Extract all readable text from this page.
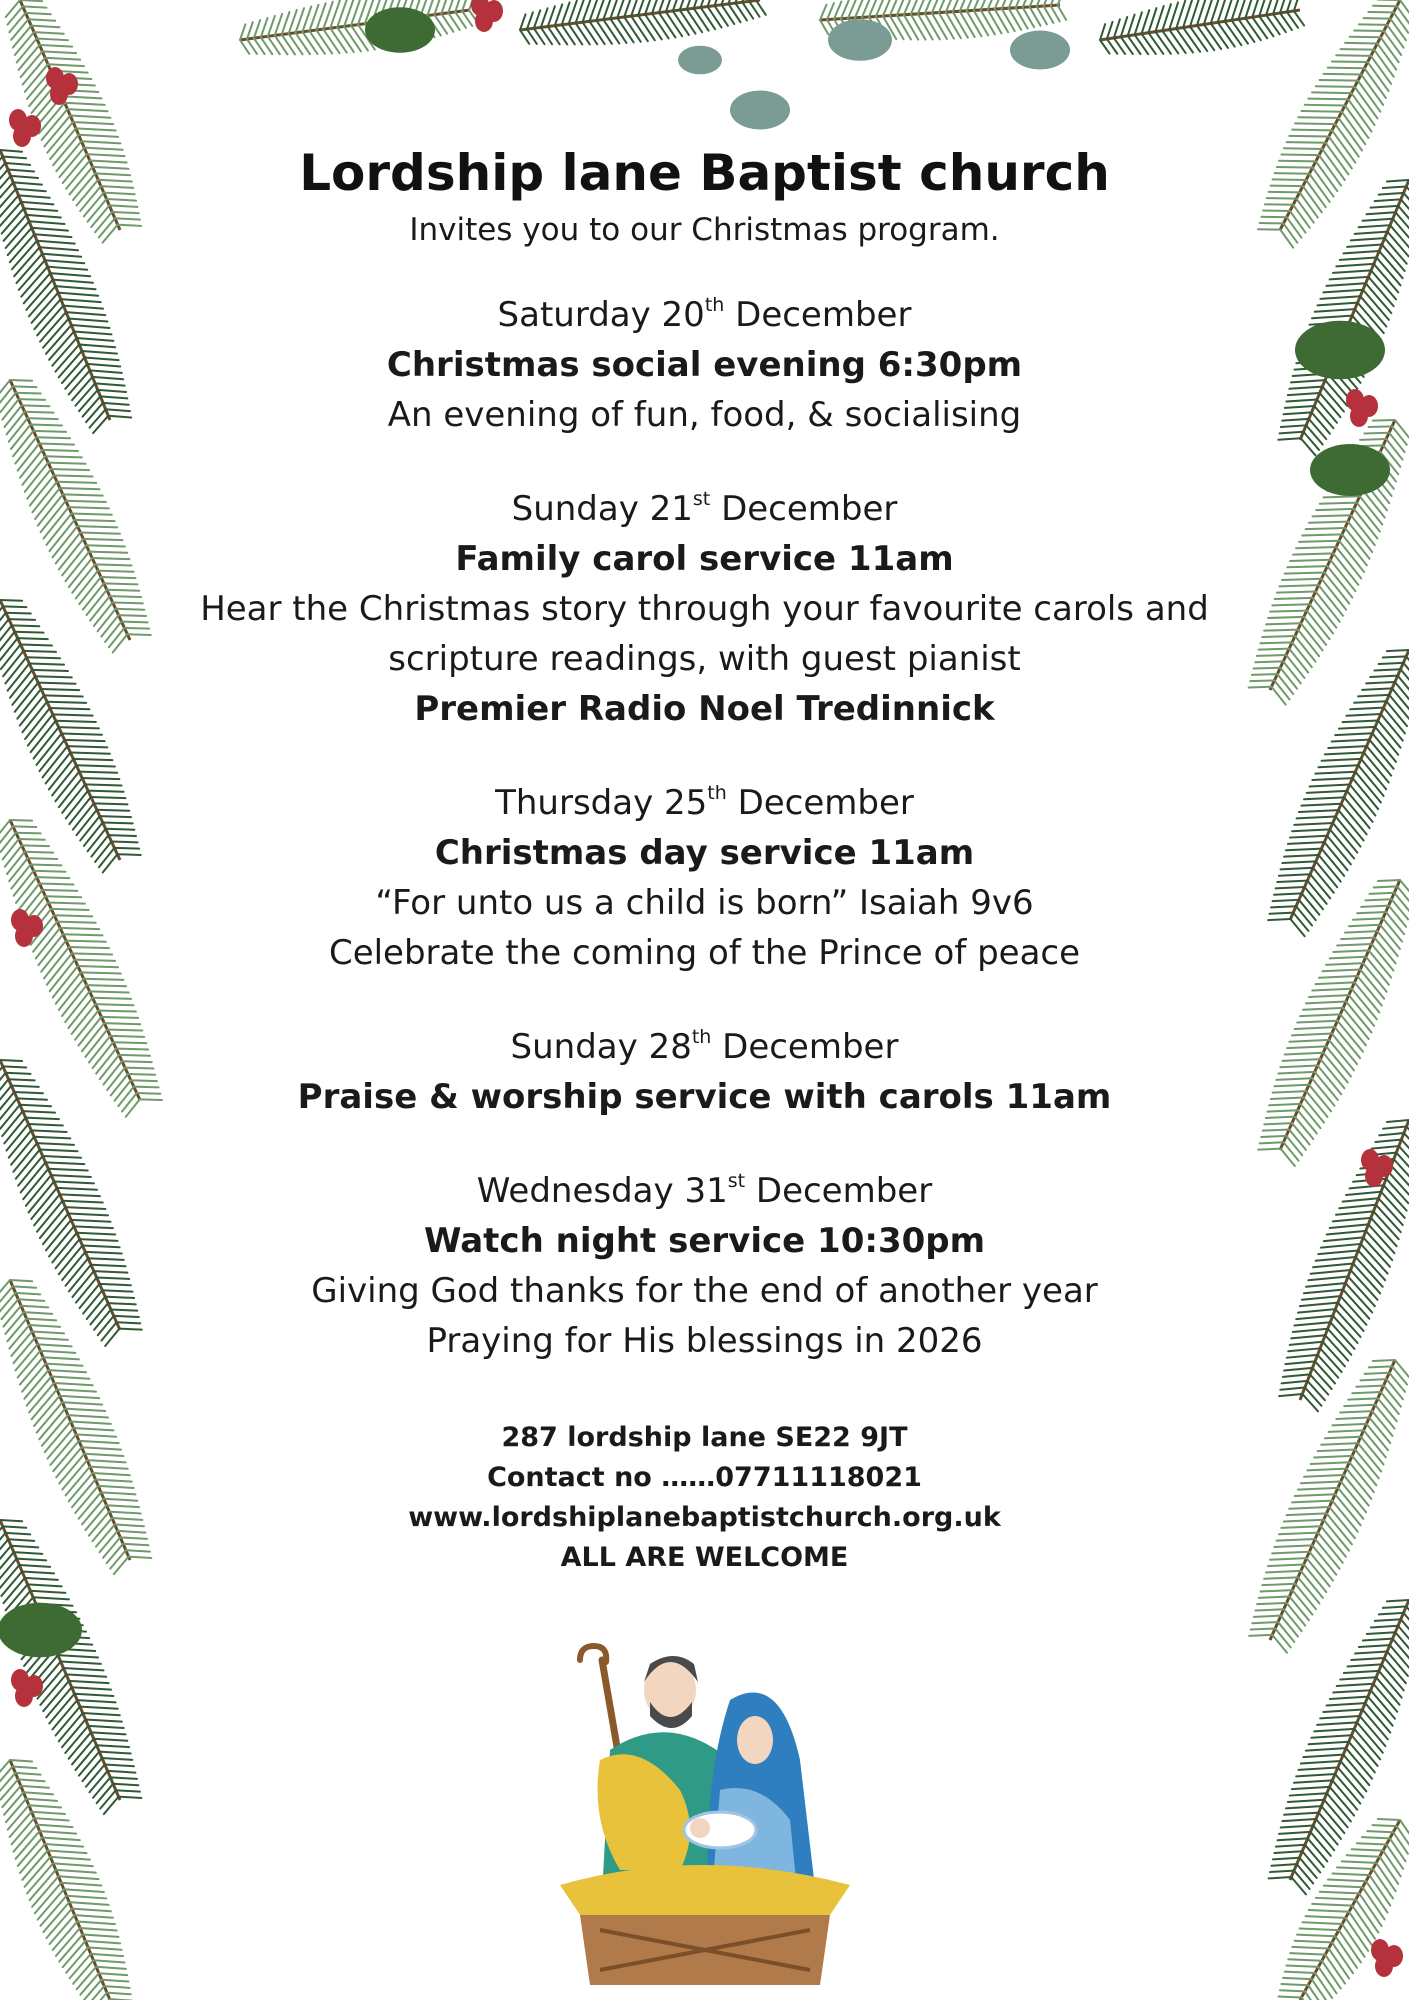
Lordship lane Baptist church

Invites you to our Christmas program.

Saturday 20th December
Christmas social evening 6:30pm
An evening of fun, food, & socialising
Sunday 21st December
Family carol service 11am
Hear the Christmas story through your favourite carols and
scripture readings, with guest pianist
Premier Radio Noel Tredinnick
Thursday 25th December
Christmas day service 11am
“For unto us a child is born” Isaiah 9v6
Celebrate the coming of the Prince of peace
Sunday 28th December
Praise & worship service with carols 11am
Wednesday 31st December
Watch night service 10:30pm
Giving God thanks for the end of another year
Praying for His blessings in 2026
287 lordship lane SE22 9JT
Contact no ……07711118021
www.lordshiplanebaptistchurch.org.uk
ALL ARE WELCOME
